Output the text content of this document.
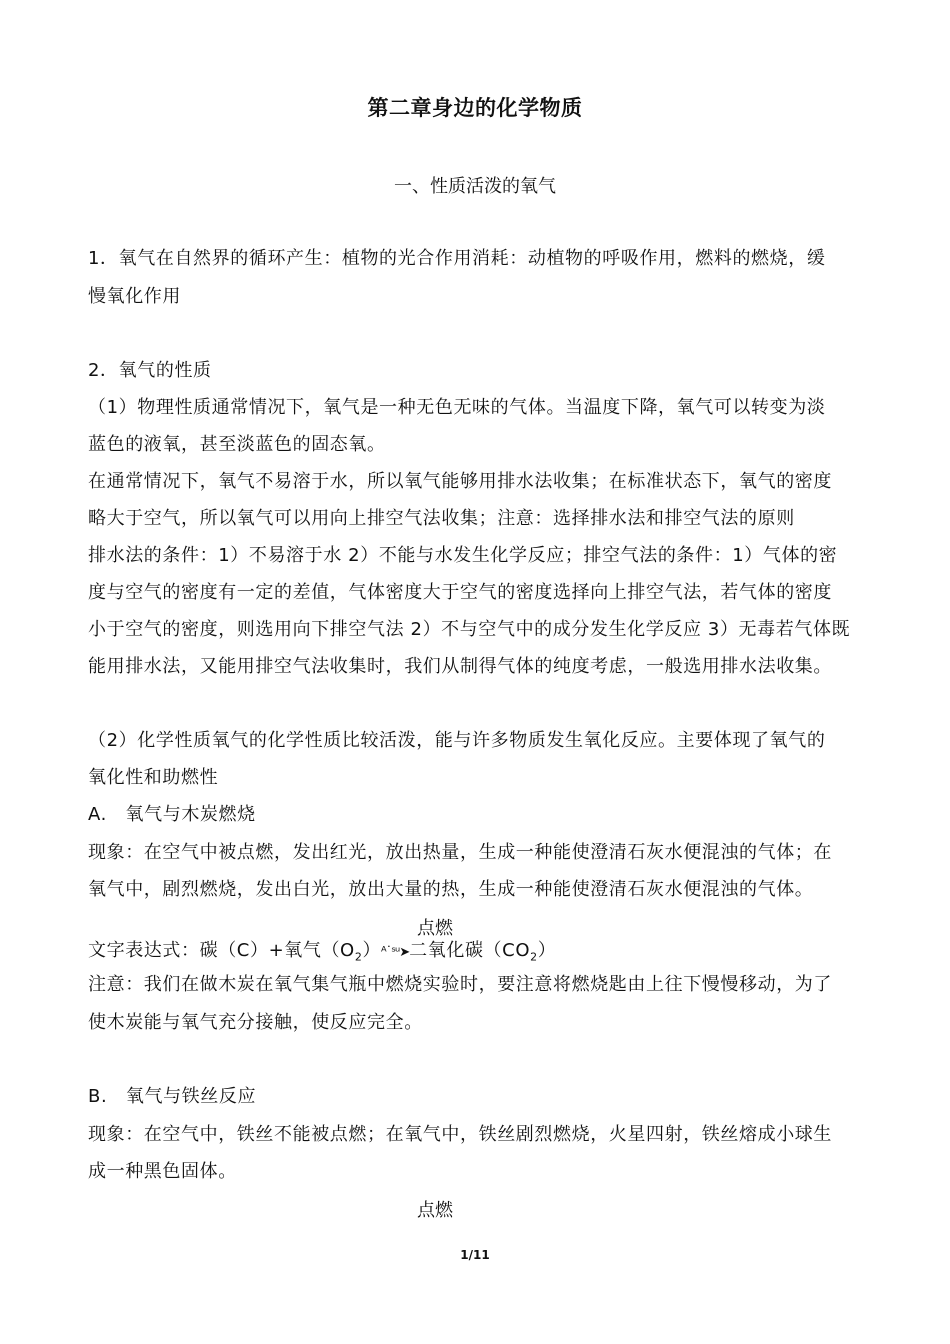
第二章身边的化学物质
一、性质活泼的氧气
1．氧气在自然界的循环产生：植物的光合作用消耗：动植物的呼吸作用，燃料的燃烧，缓
慢氧化作用
2．氧气的性质
（1）物理性质通常情况下，氧气是一种无色无味的气体。当温度下降，氧气可以转变为淡
蓝色的液氧，甚至淡蓝色的固态氧。
在通常情况下，氧气不易溶于水，所以氧气能够用排水法收集；在标准状态下，氧气的密度
略大于空气，所以氧气可以用向上排空气法收集；注意：选择排水法和排空气法的原则
排水法的条件：1）不易溶于水 2）不能与水发生化学反应；排空气法的条件：1）气体的密
度与空气的密度有一定的差值，气体密度大于空气的密度选择向上排空气法，若气体的密度
小于空气的密度，则选用向下排空气法 2）不与空气中的成分发生化学反应 3）无毒若气体既
能用排水法，又能用排空气法收集时，我们从制得气体的纯度考虑，一般选用排水法收集。
（2）化学性质氧气的化学性质比较活泼，能与许多物质发生氧化反应。主要体现了氧气的
氧化性和助燃性
A.　氧气与木炭燃烧
现象：在空气中被点燃，发出红光，放出热量，生成一种能使澄清石灰水便混浊的气体；在
氧气中，剧烈燃烧，发出白光，放出大量的热，生成一种能使澄清石灰水便混浊的气体。
点燃
文字表达式：碳（C）+氧气$(O_2)ᴬ˙ˢᵘ➤$二氧化碳$(CO_2)$
注意：我们在做木炭在氧气集气瓶中燃烧实验时，要注意将燃烧匙由上往下慢慢移动，为了
使木炭能与氧气充分接触，使反应完全。
B.　氧气与铁丝反应
现象：在空气中，铁丝不能被点燃；在氧气中，铁丝剧烈燃烧，火星四射，铁丝熔成小球生
成一种黑色固体。
点燃
1/11
